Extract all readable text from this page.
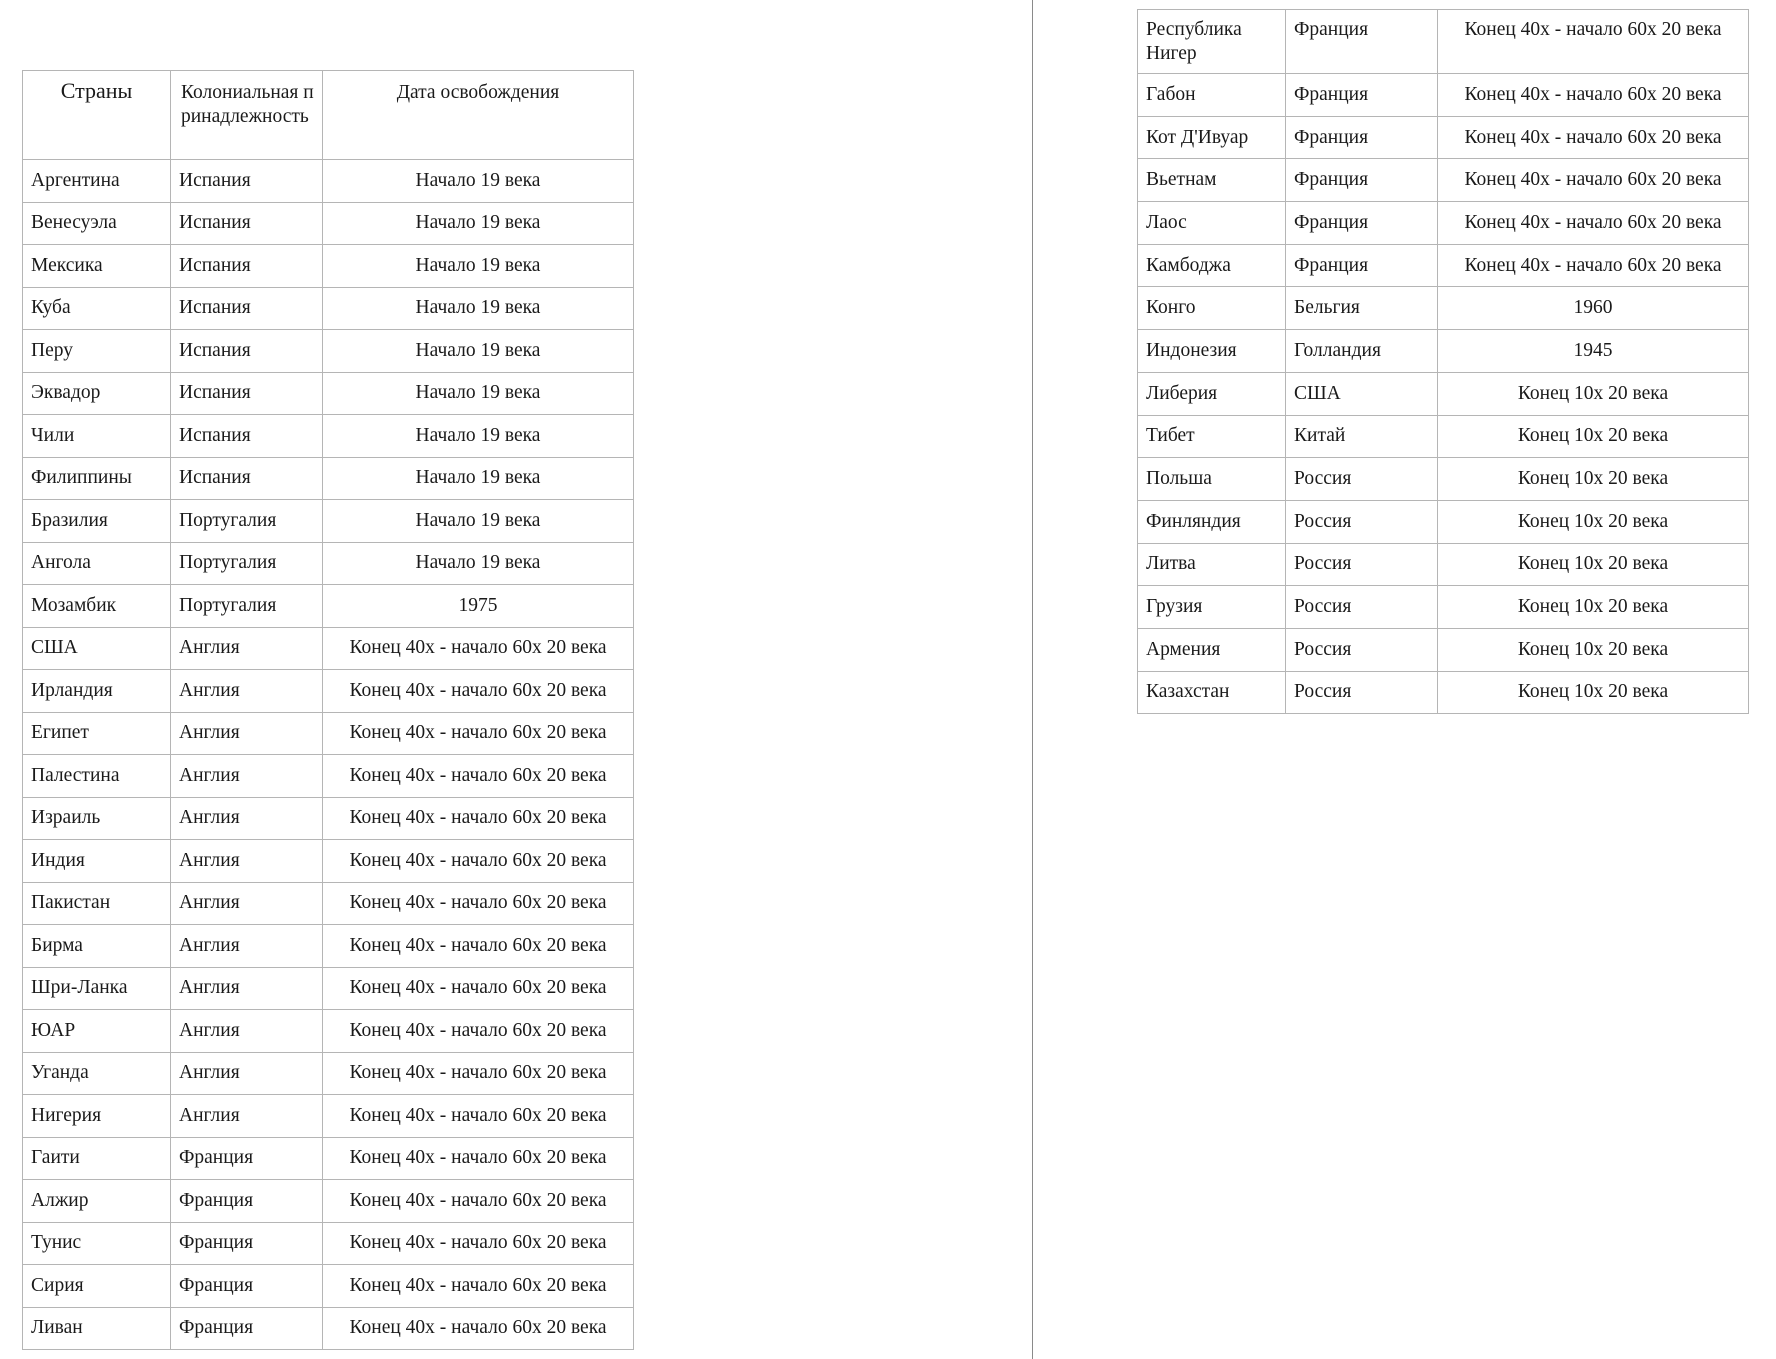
Страны	Колониальная принадлежность	Дата освобождения
Аргентина	Испания	Начало 19 века
Венесуэла	Испания	Начало 19 века
Мексика	Испания	Начало 19 века
Куба	Испания	Начало 19 века
Перу	Испания	Начало 19 века
Эквадор	Испания	Начало 19 века
Чили	Испания	Начало 19 века
Филиппины	Испания	Начало 19 века
Бразилия	Португалия	Начало 19 века
Ангола	Португалия	Начало 19 века
Мозамбик	Португалия	1975
США	Англия	Конец 40х - начало 60х 20 века
Ирландия	Англия	Конец 40х - начало 60х 20 века
Египет	Англия	Конец 40х - начало 60х 20 века
Палестина	Англия	Конец 40х - начало 60х 20 века
Израиль	Англия	Конец 40х - начало 60х 20 века
Индия	Англия	Конец 40х - начало 60х 20 века
Пакистан	Англия	Конец 40х - начало 60х 20 века
Бирма	Англия	Конец 40х - начало 60х 20 века
Шри-Ланка	Англия	Конец 40х - начало 60х 20 века
ЮАР	Англия	Конец 40х - начало 60х 20 века
Уганда	Англия	Конец 40х - начало 60х 20 века
Нигерия	Англия	Конец 40х - начало 60х 20 века
Гаити	Франция	Конец 40х - начало 60х 20 века
Алжир	Франция	Конец 40х - начало 60х 20 века
Тунис	Франция	Конец 40х - начало 60х 20 века
Сирия	Франция	Конец 40х - начало 60х 20 века
Ливан	Франция	Конец 40х - начало 60х 20 века
Республика Нигер	Франция	Конец 40х - начало 60х 20 века
Габон	Франция	Конец 40х - начало 60х 20 века
Кот Д'Ивуар	Франция	Конец 40х - начало 60х 20 века
Вьетнам	Франция	Конец 40х - начало 60х 20 века
Лаос	Франция	Конец 40х - начало 60х 20 века
Камбоджа	Франция	Конец 40х - начало 60х 20 века
Конго	Бельгия	1960
Индонезия	Голландия	1945
Либерия	США	Конец 10х 20 века
Тибет	Китай	Конец 10х 20 века
Польша	Россия	Конец 10х 20 века
Финляндия	Россия	Конец 10х 20 века
Литва	Россия	Конец 10х 20 века
Грузия	Россия	Конец 10х 20 века
Армения	Россия	Конец 10х 20 века
Казахстан	Россия	Конец 10х 20 века
